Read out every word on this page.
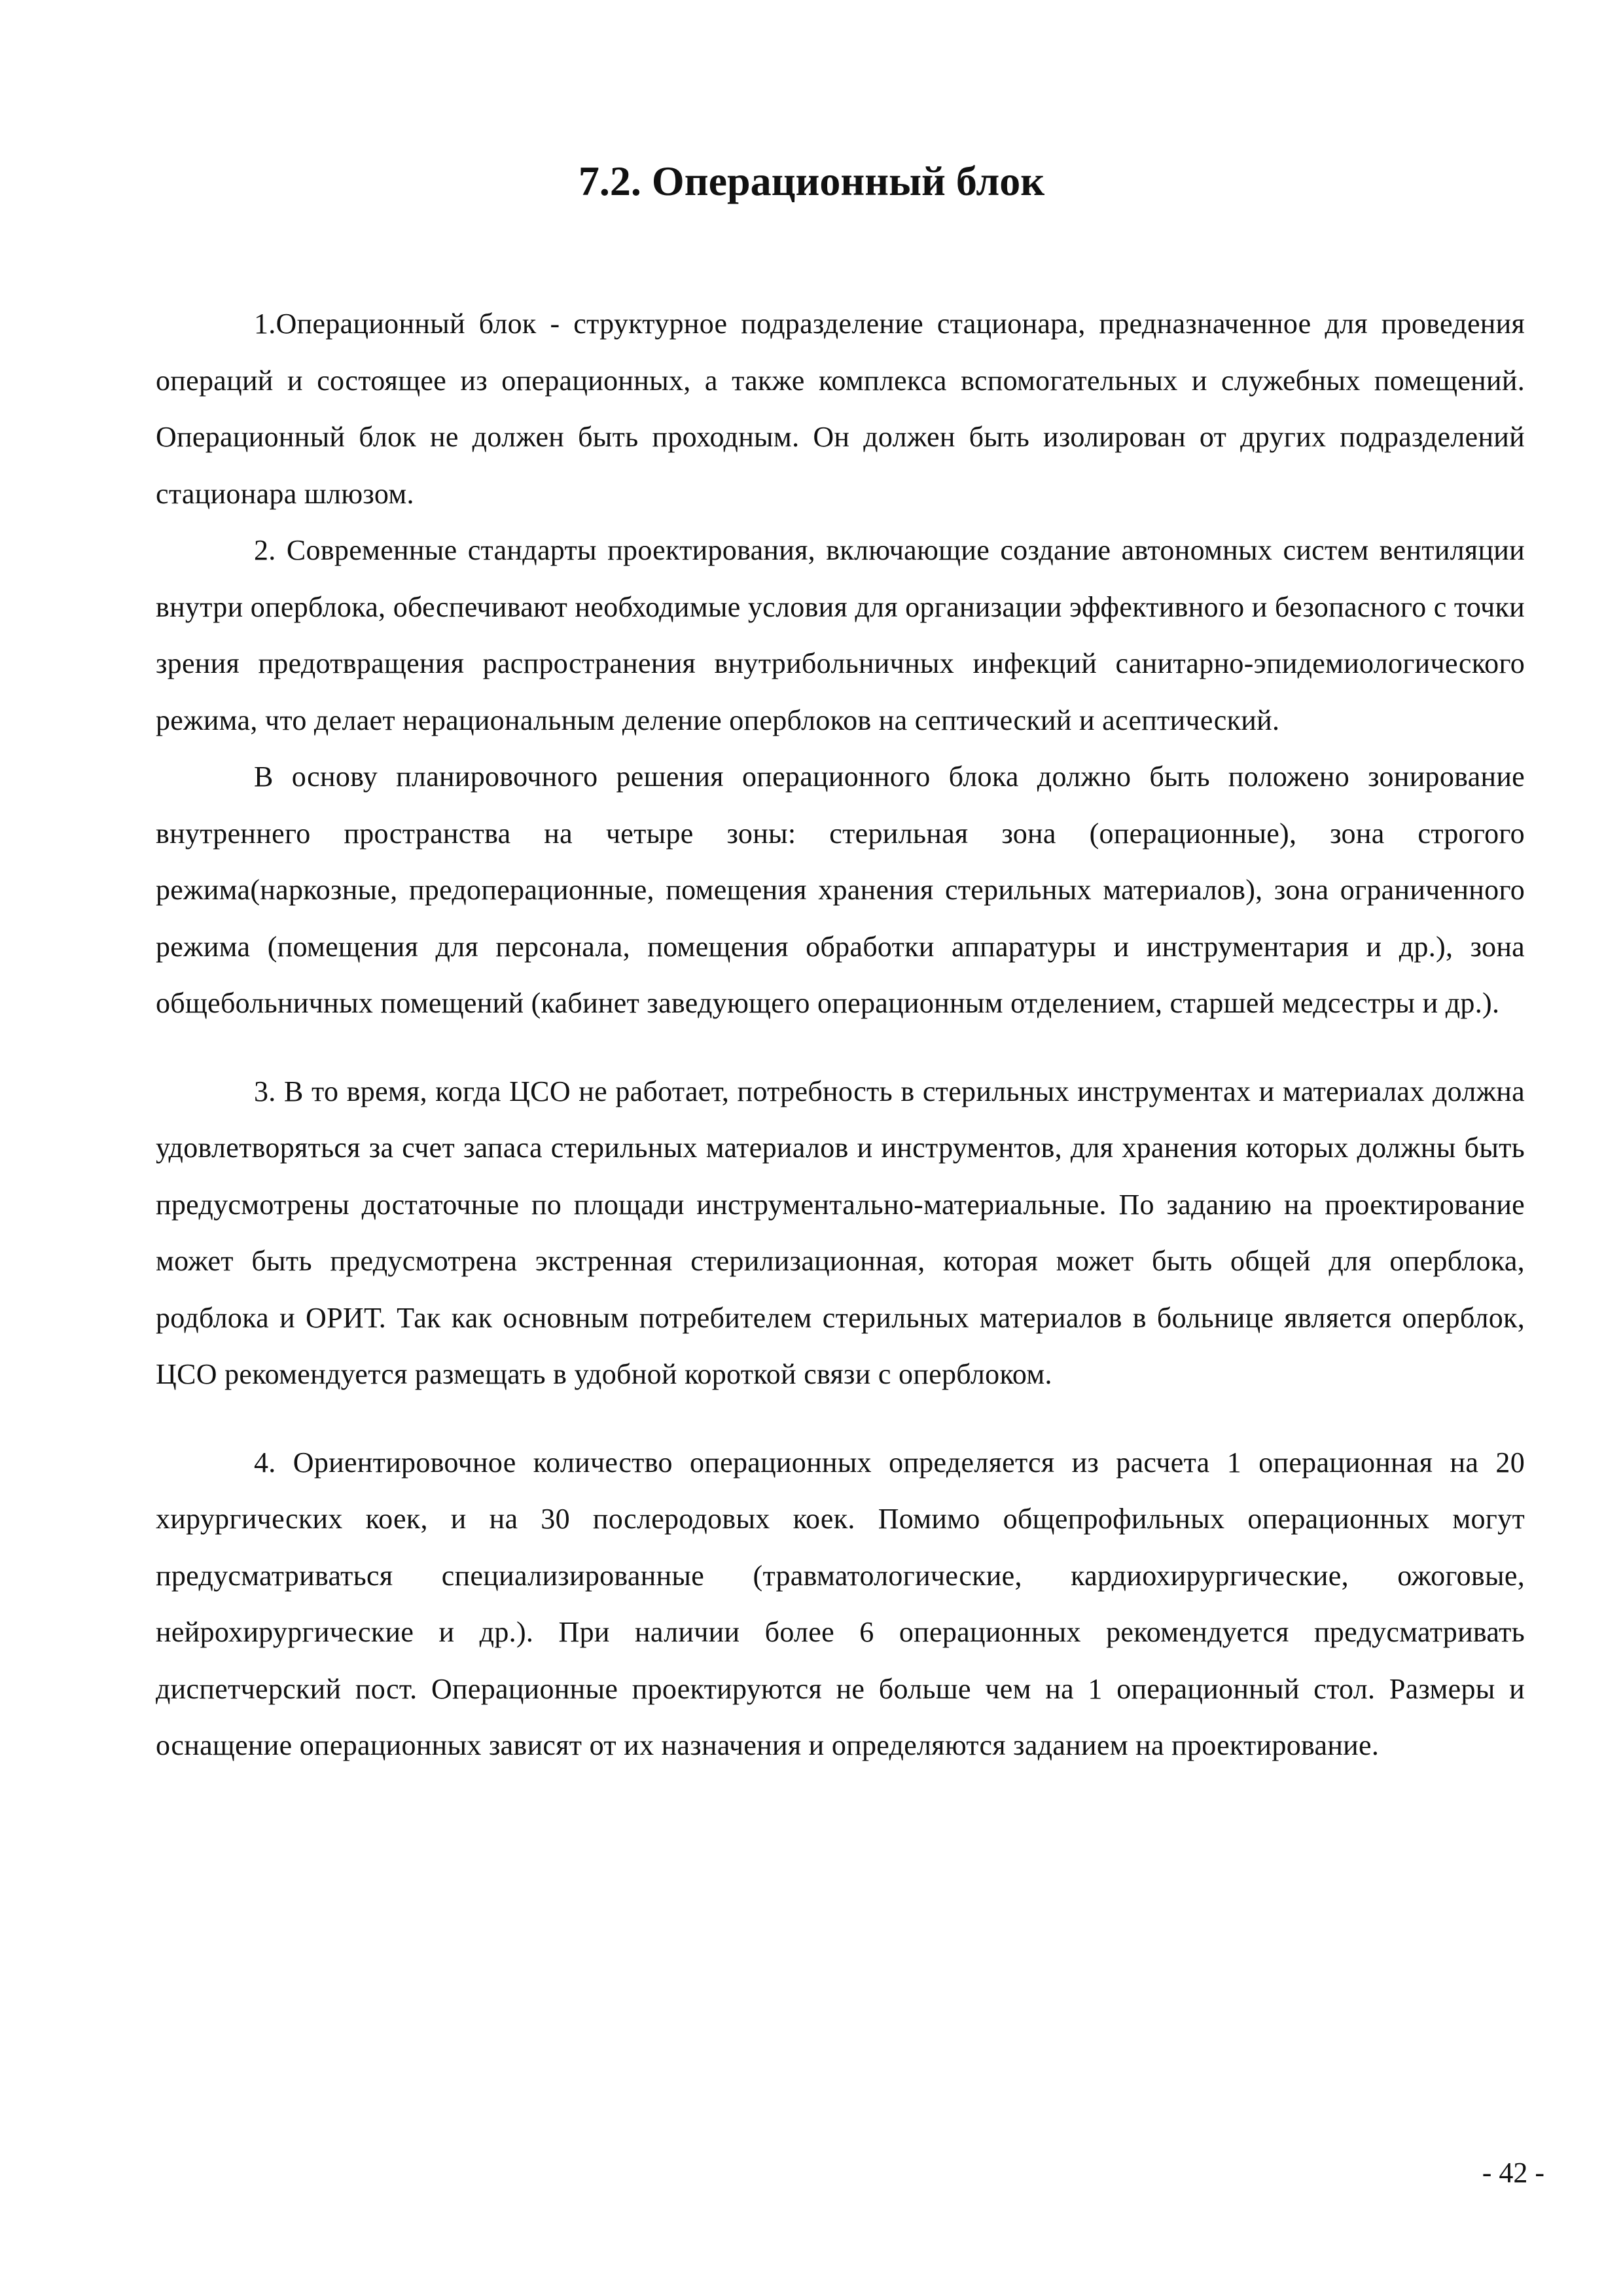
7.2. Операционный блок

1.Операционный блок - структурное подразделение стационара, предназначенное для проведения операций и состоящее из операционных, а также комплекса вспомогательных и служебных помещений. Операционный блок не должен быть проходным. Он должен быть изолирован от других подразделений стационара шлюзом.

2. Современные стандарты проектирования, включающие создание автономных систем вентиляции внутри оперблока, обеспечивают необходимые условия для организации эффективного и безопасного с точки зрения предотвращения распространения внутрибольничных инфекций санитарно-эпидемиологического режима, что делает нерациональным деление оперблоков на септический и асептический.

В основу планировочного решения операционного блока должно быть положено зонирование внутреннего пространства на четыре зоны: стерильная зона (операционные), зона строгого режима(наркозные, предоперационные, помещения хранения стерильных материалов), зона ограниченного режима (помещения для персонала, помещения обработки аппаратуры и инструментария и др.), зона общебольничных помещений (кабинет заведующего операционным отделением, старшей медсестры и др.).

3. В то время, когда ЦСО не работает, потребность в стерильных инструментах и материалах должна удовлетворяться за счет запаса стерильных материалов и инструментов, для хранения которых должны быть предусмотрены достаточные по площади инструментально-материальные. По заданию на проектирование может быть предусмотрена экстренная стерилизационная, которая может быть общей для оперблока, родблока и ОРИТ. Так как основным потребителем стерильных материалов в больнице является оперблок, ЦСО рекомендуется размещать в удобной короткой связи с оперблоком.

4. Ориентировочное количество операционных определяется из расчета 1 операционная на 20 хирургических коек, и на 30 послеродовых коек. Помимо общепрофильных операционных могут предусматриваться специализированные (травматологические, кардиохирургические, ожоговые, нейрохирургические и др.). При наличии более 6 операционных рекомендуется предусматривать диспетчерский пост. Операционные проектируются не больше чем на 1 операционный стол. Размеры и оснащение операционных зависят от их назначения и определяются заданием на проектирование.

- 42 -
